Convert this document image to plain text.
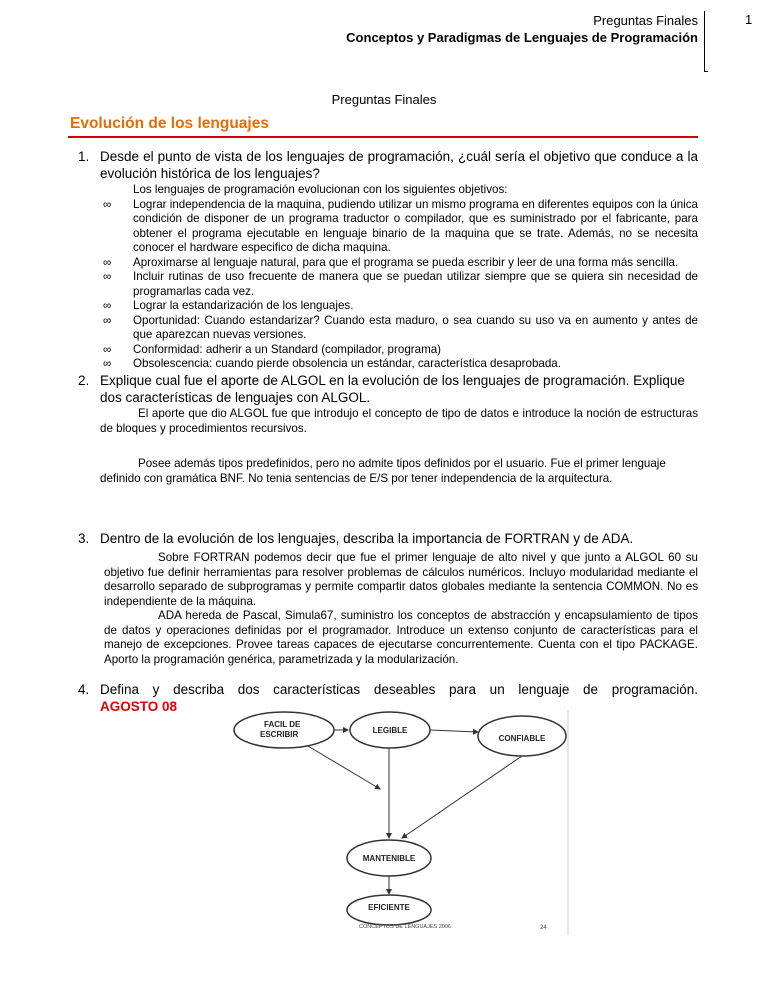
Preguntas Finales
Conceptos y Paradigmas de Lenguajes de Programación
1
Preguntas Finales
Evolución de los lenguajes
1. Desde el punto de vista de los lenguajes de programación, ¿cuál sería el objetivo que conduce a la evolución histórica de los lenguajes?
Los lenguajes de programación evolucionan con los siguientes objetivos:
∞ Lograr independencia de la maquina, pudiendo utilizar un mismo programa en diferentes equipos con la única condición de disponer de un programa traductor o compilador, que es suministrado por el fabricante, para obtener el programa ejecutable en lenguaje binario de la maquina que se trate. Además, no se necesita conocer el hardware especifico de dicha maquina.
∞ Aproximarse al lenguaje natural, para que el programa se pueda escribir y leer de una forma más sencilla.
∞ Incluir rutinas de uso frecuente de manera que se puedan utilizar siempre que se quiera sin necesidad de programarlas cada vez.
∞ Lograr la estandarización de los lenguajes.
∞ Oportunidad: Cuando estandarizar? Cuando esta maduro, o sea cuando su uso va en aumento y antes de que aparezcan nuevas versiones.
∞ Conformidad: adherir a un Standard (compilador, programa)
∞ Obsolescencia: cuando pierde obsolencia un estándar, característica desaprobada.
2. Explique cual fue el aporte de ALGOL en la evolución de los lenguajes de programación. Explique dos características de lenguajes con ALGOL.
El aporte que dio ALGOL fue que introdujo el concepto de tipo de datos e introduce la noción de estructuras de bloques y procedimientos recursivos.
Posee además tipos predefinidos, pero no admite tipos definidos por el usuario. Fue el primer lenguaje definido con gramática BNF. No tenia sentencias de E/S por tener independencia de la arquitectura.
3. Dentro de la evolución de los lenguajes, describa la importancia de FORTRAN y de ADA.
Sobre FORTRAN podemos decir que fue el primer lenguaje de alto nivel y que junto a ALGOL 60 su objetivo fue definir herramientas para resolver problemas de cálculos numéricos. Incluyo modularidad mediante el desarrollo separado de subprogramas y permite compartir datos globales mediante la sentencia COMMON. No es independiente de la máquina.
ADA hereda de Pascal, Simula67, suministro los conceptos de abstracción y encapsulamiento de tipos de datos y operaciones definidas por el programador. Introduce un extenso conjunto de características para el manejo de excepciones. Provee tareas capaces de ejecutarse concurrentemente. Cuenta con el tipo PACKAGE. Aporto la programación genérica, parametrizada y la modularización.
4. Defina y describa dos características deseables para un lenguaje de programación.
AGOSTO 08
FACIL DE
ESCRIBIR	LEGIBLE
CONFIABLE
MANTENIBLE
EFICIENTE
CONCEPTOS DE LENGUAJES 2006	24
